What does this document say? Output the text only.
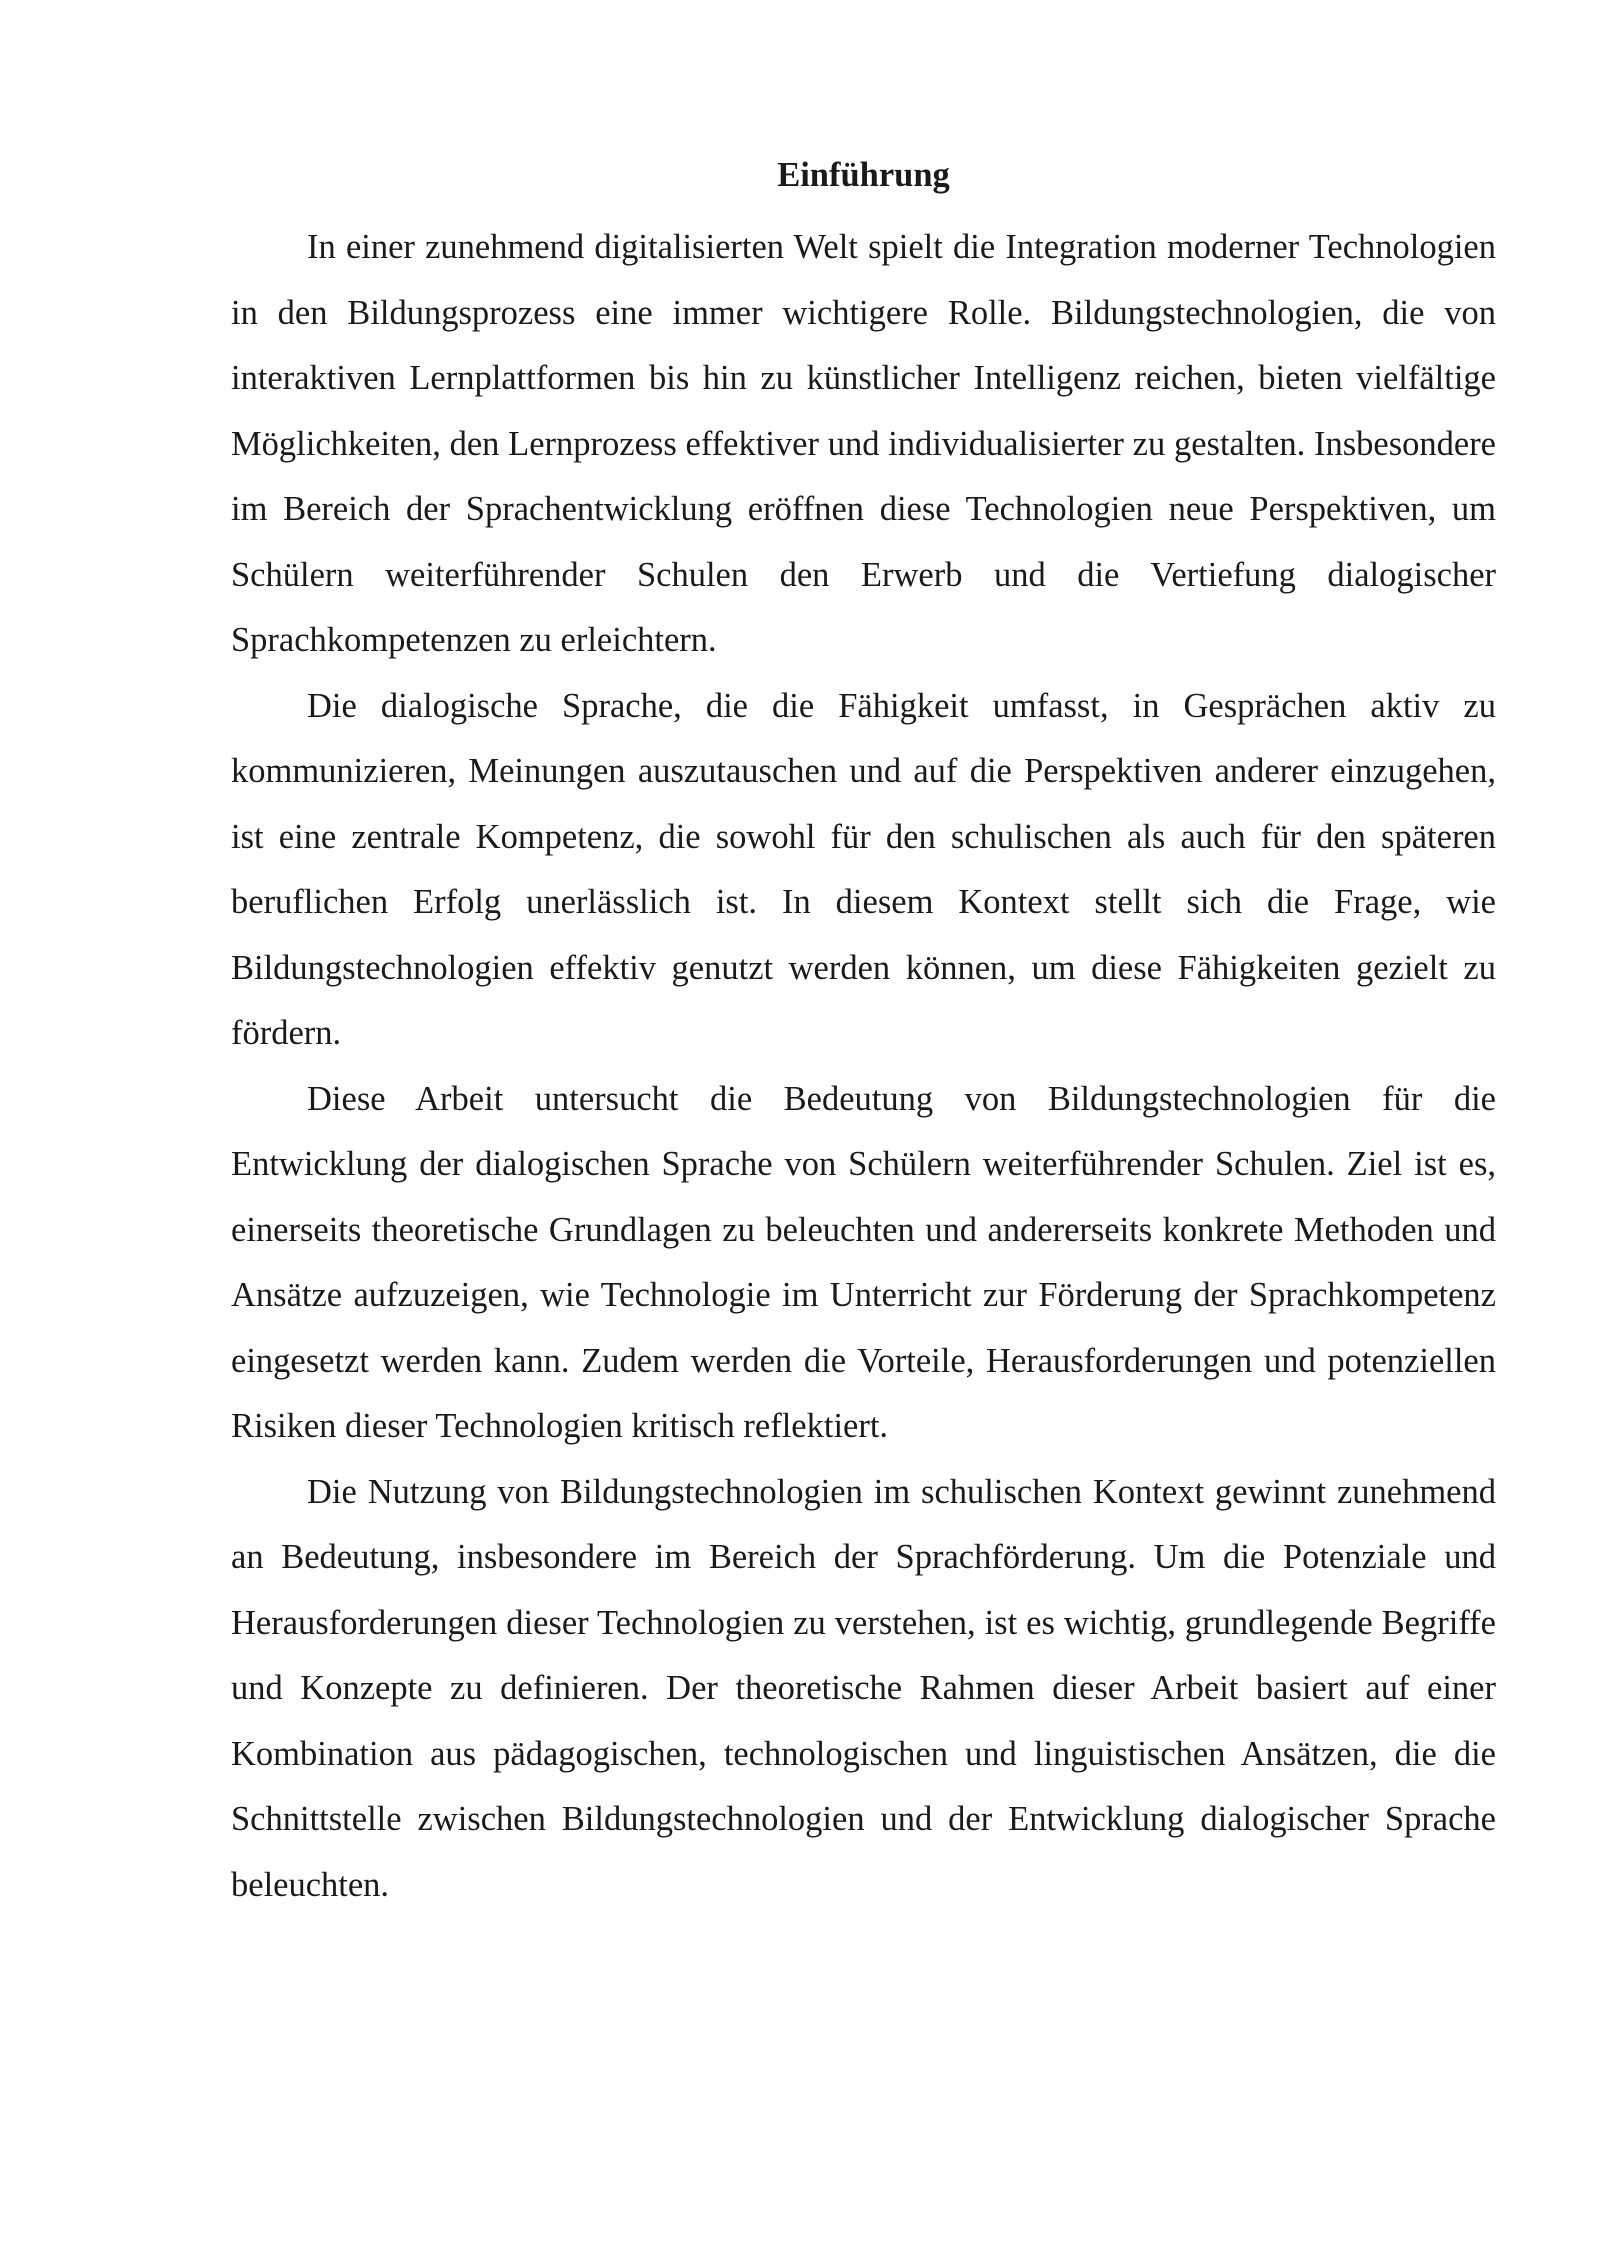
Einführung

In einer zunehmend digitalisierten Welt spielt die Integration moderner Technologien in den Bildungsprozess eine immer wichtigere Rolle. Bildungstechnologien, die von interaktiven Lernplattformen bis hin zu künstlicher Intelligenz reichen, bieten vielfältige Möglichkeiten, den Lernprozess effektiver und individualisierter zu gestalten. Insbesondere im Bereich der Sprachentwicklung eröffnen diese Technologien neue Perspektiven, um Schülern weiterführender Schulen den Erwerb und die Vertiefung dialogischer Sprachkompetenzen zu erleichtern.

Die dialogische Sprache, die die Fähigkeit umfasst, in Gesprächen aktiv zu kommunizieren, Meinungen auszutauschen und auf die Perspektiven anderer einzugehen, ist eine zentrale Kompetenz, die sowohl für den schulischen als auch für den späteren beruflichen Erfolg unerlässlich ist. In diesem Kontext stellt sich die Frage, wie Bildungstechnologien effektiv genutzt werden können, um diese Fähigkeiten gezielt zu fördern.

Diese Arbeit untersucht die Bedeutung von Bildungstechnologien für die Entwicklung der dialogischen Sprache von Schülern weiterführender Schulen. Ziel ist es, einerseits theoretische Grundlagen zu beleuchten und andererseits konkrete Methoden und Ansätze aufzuzeigen, wie Technologie im Unterricht zur Förderung der Sprachkompetenz eingesetzt werden kann. Zudem werden die Vorteile, Herausforderungen und potenziellen Risiken dieser Technologien kritisch reflektiert.

Die Nutzung von Bildungstechnologien im schulischen Kontext gewinnt zunehmend an Bedeutung, insbesondere im Bereich der Sprachförderung. Um die Potenziale und Herausforderungen dieser Technologien zu verstehen, ist es wichtig, grundlegende Begriffe und Konzepte zu definieren. Der theoretische Rahmen dieser Arbeit basiert auf einer Kombination aus pädagogischen, technologischen und linguistischen Ansätzen, die die Schnittstelle zwischen Bildungstechnologien und der Entwicklung dialogischer Sprache beleuchten.
